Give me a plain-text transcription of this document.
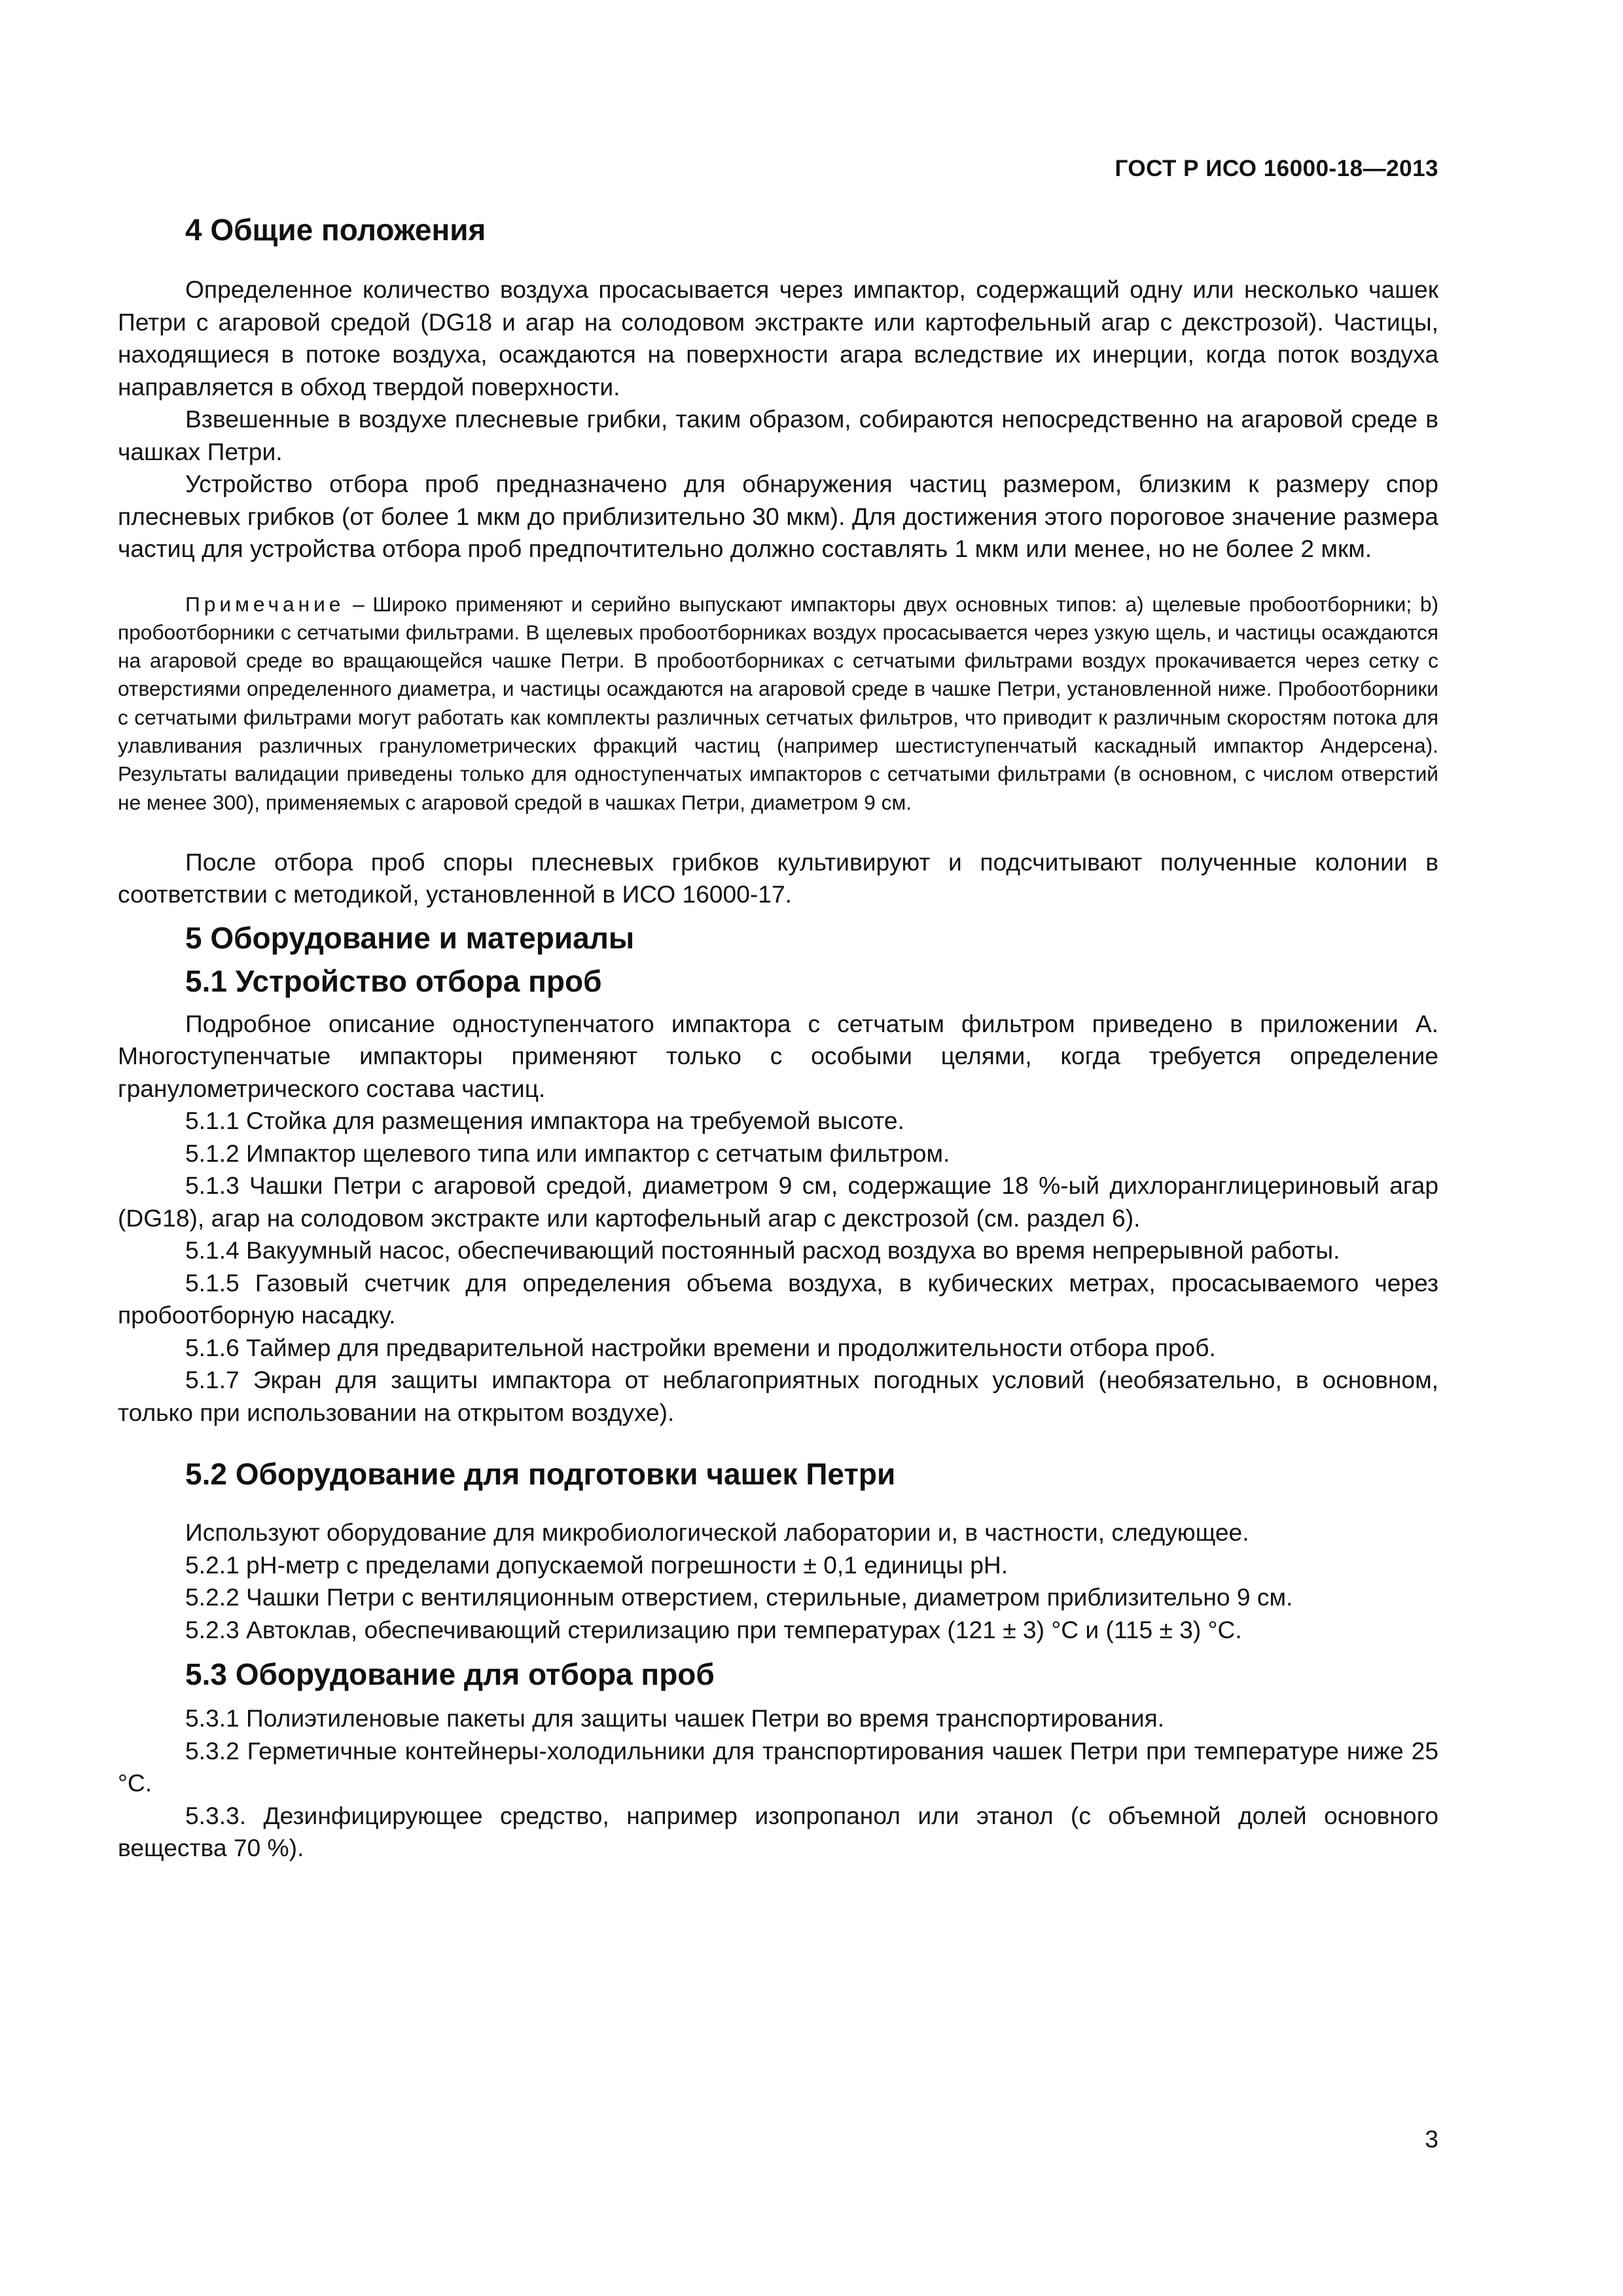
ГОСТ Р ИСО 16000-18—2013
4 Общие положения

Определенное количество воздуха просасывается через импактор, содержащий одну или несколько чашек Петри с агаровой средой (DG18 и агар на солодовом экстракте или картофельный агар с декстрозой). Частицы, находящиеся в потоке воздуха, осаждаются на поверхности агара вследствие их инерции, когда поток воздуха направляется в обход твердой поверхности.

Взвешенные в воздухе плесневые грибки, таким образом, собираются непосредственно на агаровой среде в чашках Петри.

Устройство отбора проб предназначено для обнаружения частиц размером, близким к размеру спор плесневых грибков (от более 1 мкм до приблизительно 30 мкм). Для достижения этого пороговое значение размера частиц для устройства отбора проб предпочтительно должно составлять 1 мкм или менее, но не более 2 мкм.

Примечание – Широко применяют и серийно выпускают импакторы двух основных типов: а) щелевые пробоотборники; b) пробоотборники с сетчатыми фильтрами. В щелевых пробоотборниках воздух просасывается через узкую щель, и частицы осаждаются на агаровой среде во вращающейся чашке Петри. В пробоотборниках с сетчатыми фильтрами воздух прокачивается через сетку с отверстиями определенного диаметра, и частицы осаждаются на агаровой среде в чашке Петри, установленной ниже. Пробоотборники с сетчатыми фильтрами могут работать как комплекты различных сетчатых фильтров, что приводит к различным скоростям потока для улавливания различных гранулометрических фракций частиц (например шестиступенчатый каскадный импактор Андерсена). Результаты валидации приведены только для одноступенчатых импакторов с сетчатыми фильтрами (в основном, с числом отверстий не менее 300), применяемых с агаровой средой в чашках Петри, диаметром 9 см.

После отбора проб споры плесневых грибков культивируют и подсчитывают полученные колонии в соответствии с методикой, установленной в ИСО 16000-17.

5 Оборудование и материалы
5.1 Устройство отбора проб

Подробное описание одноступенчатого импактора с сетчатым фильтром приведено в приложении А. Многоступенчатые импакторы применяют только с особыми целями, когда требуется определение гранулометрического состава частиц.

5.1.1 Стойка для размещения импактора на требуемой высоте.

5.1.2 Импактор щелевого типа или импактор с сетчатым фильтром.

5.1.3 Чашки Петри с агаровой средой, диаметром 9 см, содержащие 18 %-ый дихлоранглицериновый агар (DG18), агар на солодовом экстракте или картофельный агар с декстрозой (см. раздел 6).

5.1.4 Вакуумный насос, обеспечивающий постоянный расход воздуха во время непрерывной работы.

5.1.5 Газовый счетчик для определения объема воздуха, в кубических метрах, просасываемого через пробоотборную насадку.

5.1.6 Таймер для предварительной настройки времени и продолжительности отбора проб.

5.1.7 Экран для защиты импактора от неблагоприятных погодных условий (необязательно, в основном, только при использовании на открытом воздухе).

5.2 Оборудование для подготовки чашек Петри

Используют оборудование для микробиологической лаборатории и, в частности, следующее.

5.2.1 рН-метр с пределами допускаемой погрешности ± 0,1 единицы рН.

5.2.2 Чашки Петри с вентиляционным отверстием, стерильные, диаметром приблизительно 9 см.

5.2.3 Автоклав, обеспечивающий стерилизацию при температурах (121 ± 3) °С и (115 ± 3) °С.

5.3 Оборудование для отбора проб

5.3.1 Полиэтиленовые пакеты для защиты чашек Петри во время транспортирования.

5.3.2 Герметичные контейнеры-холодильники для транспортирования чашек Петри при температуре ниже 25 °С.

5.3.3. Дезинфицирующее средство, например изопропанол или этанол (с объемной долей основного вещества 70 %).

3
